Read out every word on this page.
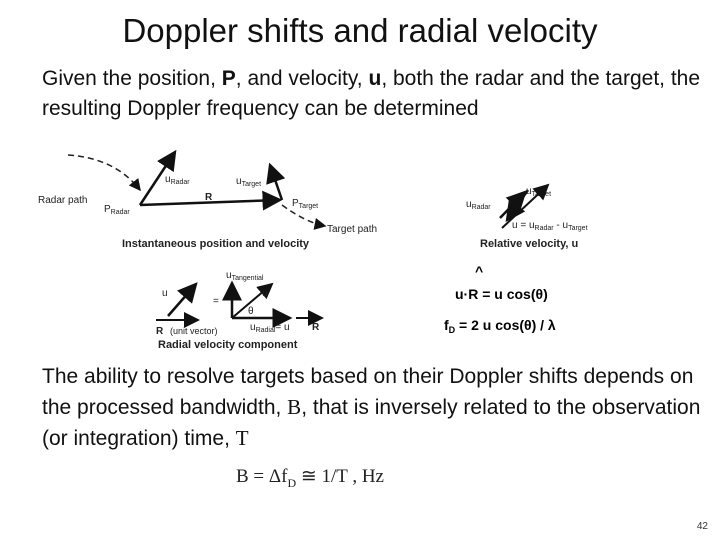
Doppler shifts and radial velocity
Given the position, P, and velocity, u, both the radar and the target, the resulting Doppler frequency can be determined
Radar path
$u_{Radar}$
R
$P_{Radar}$
$u_{Target}$
$P_{Target}$
Target path
Instantaneous position and velocity
$u_{Radar}$
$u_{Target}$
$u = u_{Radar} - u_{Target}$
Relative velocity, u
u
R (unit vector)
=
$u_{Tangential}$
u
θ
$u_{Radial}= u$ R
Radial velocity component
^
u·R = u cos(θ)
$f_D = 2$ u cos(θ) / λ
The ability to resolve targets based on their Doppler shifts depends on the processed bandwidth, B, that is inversely related to the observation (or integration) time, T
$B = \Delta f_D$ ≅ 1/T , Hz
42
